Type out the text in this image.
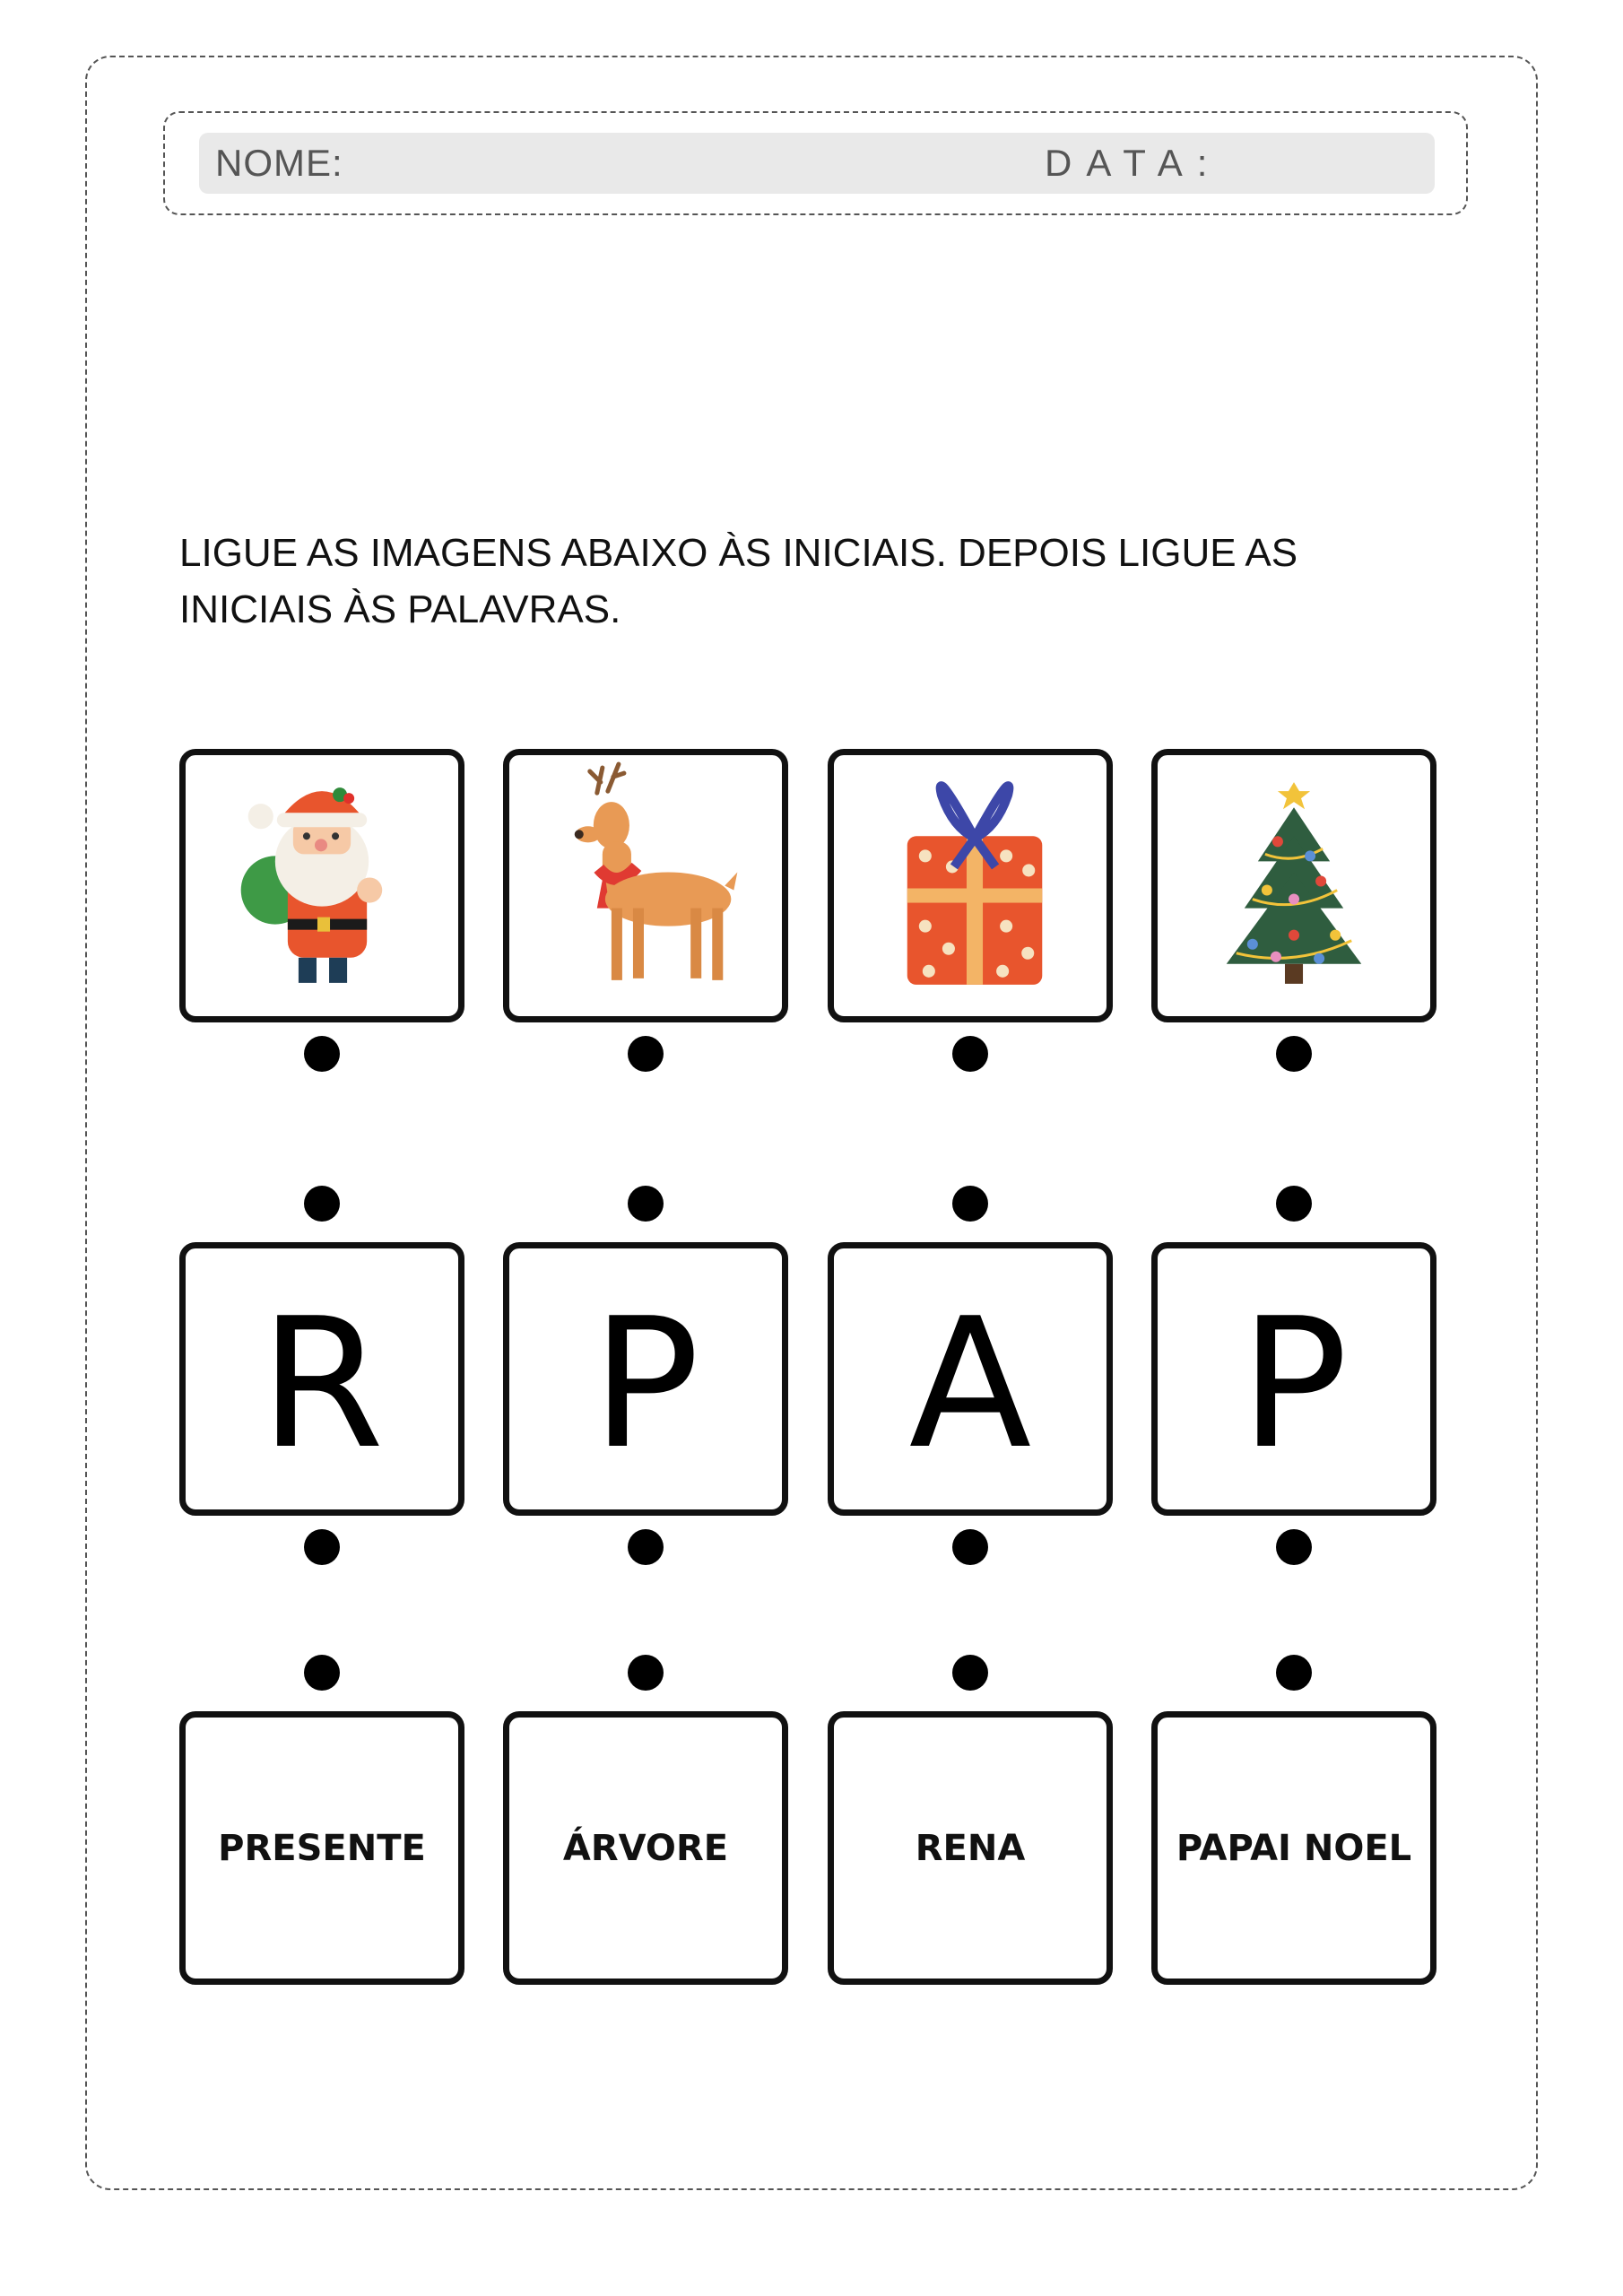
NOME:	DATA:
LIGUE AS IMAGENS ABAIXO ÀS INICIAIS. DEPOIS LIGUE AS INICIAIS ÀS PALAVRAS.
R P A P
PRESENTE	ÁRVORE	RENA	PAPAI NOEL
